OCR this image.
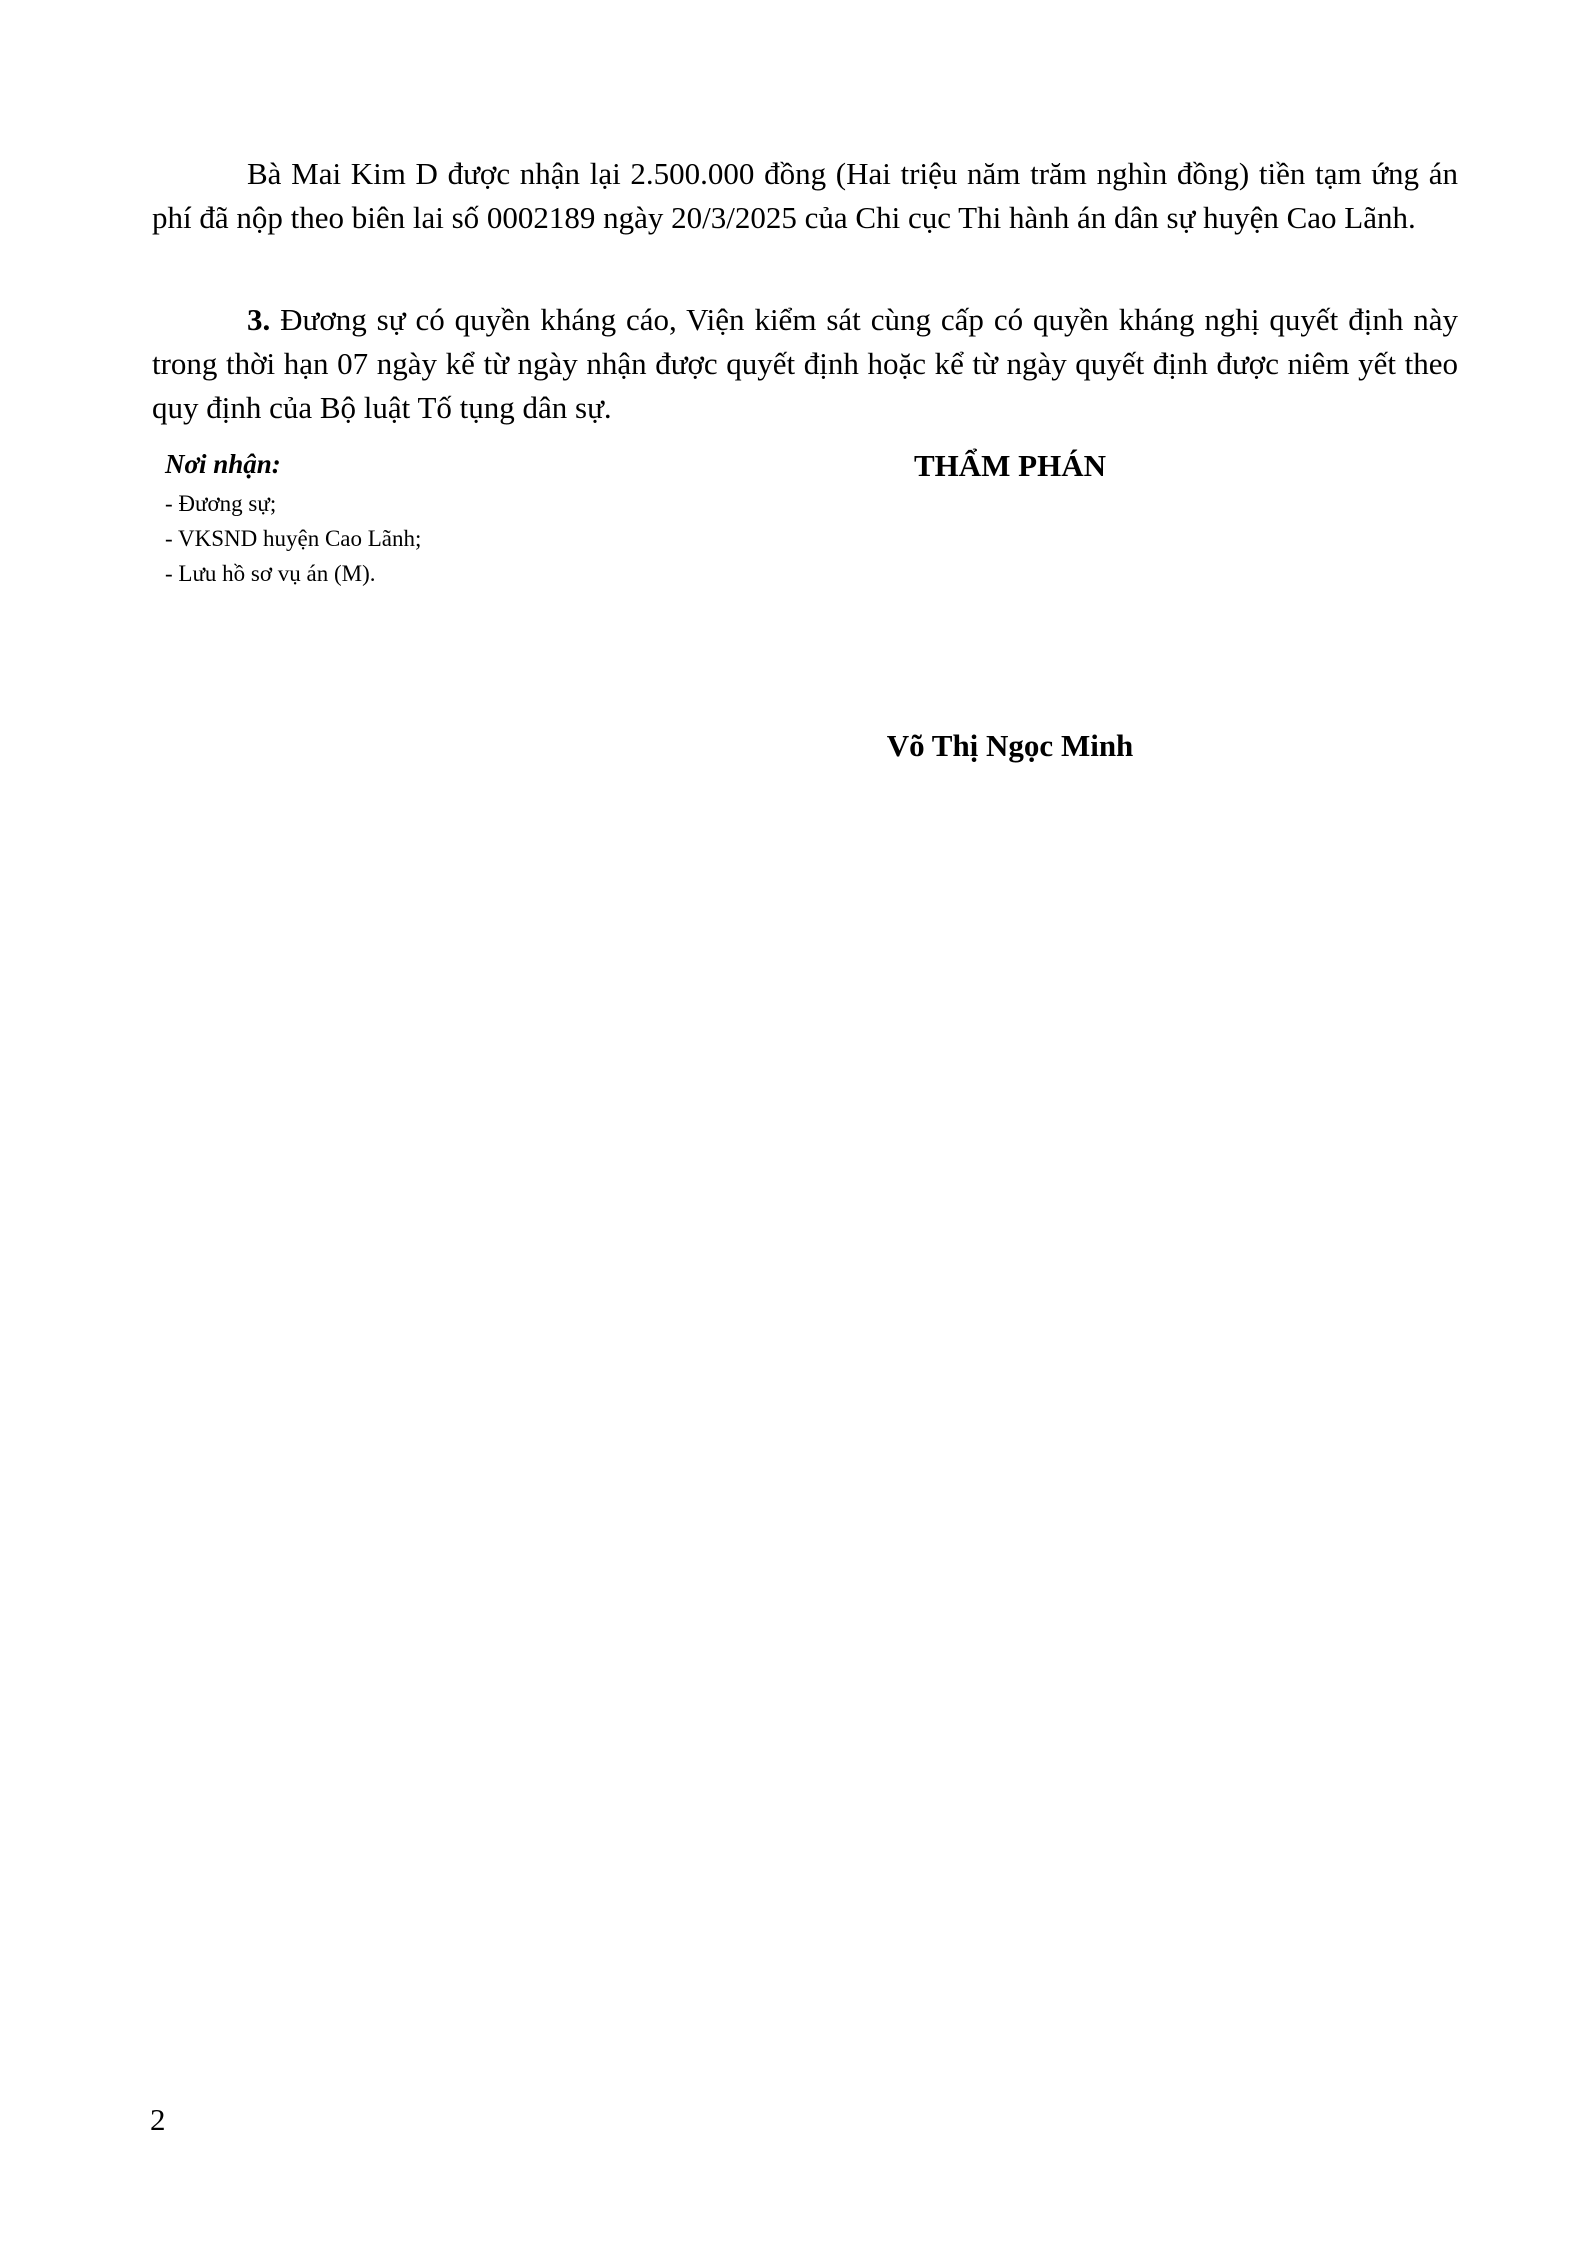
Bà Mai Kim D được nhận lại 2.500.000 đồng (Hai triệu năm trăm nghìn đồng) tiền tạm ứng án phí đã nộp theo biên lai số 0002189 ngày 20/3/2025 của Chi cục Thi hành án dân sự huyện Cao Lãnh.

3. Đương sự có quyền kháng cáo, Viện kiểm sát cùng cấp có quyền kháng nghị quyết định này trong thời hạn 07 ngày kể từ ngày nhận được quyết định hoặc kể từ ngày quyết định được niêm yết theo quy định của Bộ luật Tố tụng dân sự.

Nơi nhận:

- Đương sự;
- VKSND huyện Cao Lãnh;
- Lưu hồ sơ vụ án (M).

THẨM PHÁN

Võ Thị Ngọc Minh

2
